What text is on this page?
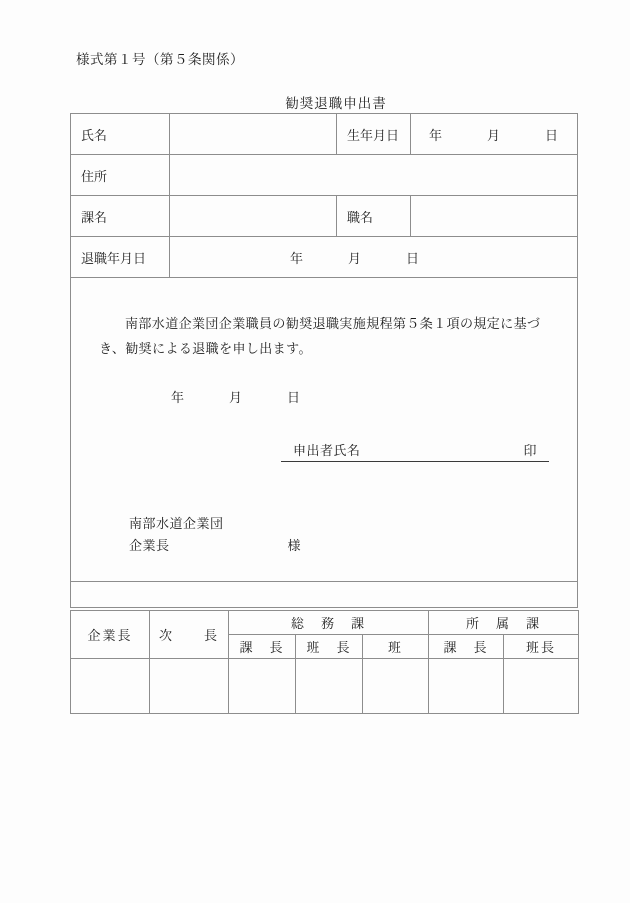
様式第１号（第５条関係）
勧奨退職申出書
氏名	生年月日	年	月	日
住所
課名	職名
退職年月日	年	月	日

南部水道企業団企業職員の勧奨退職実施規程第５条１項の規定に基づき、勧奨による退職を申し出ます。

年	月	日
申出者氏名	印
南部水道企業団
企業長	様
企業長	次　　長	総　務　課			所　属　課	
		課　長	班　長	班	課　長	班長
